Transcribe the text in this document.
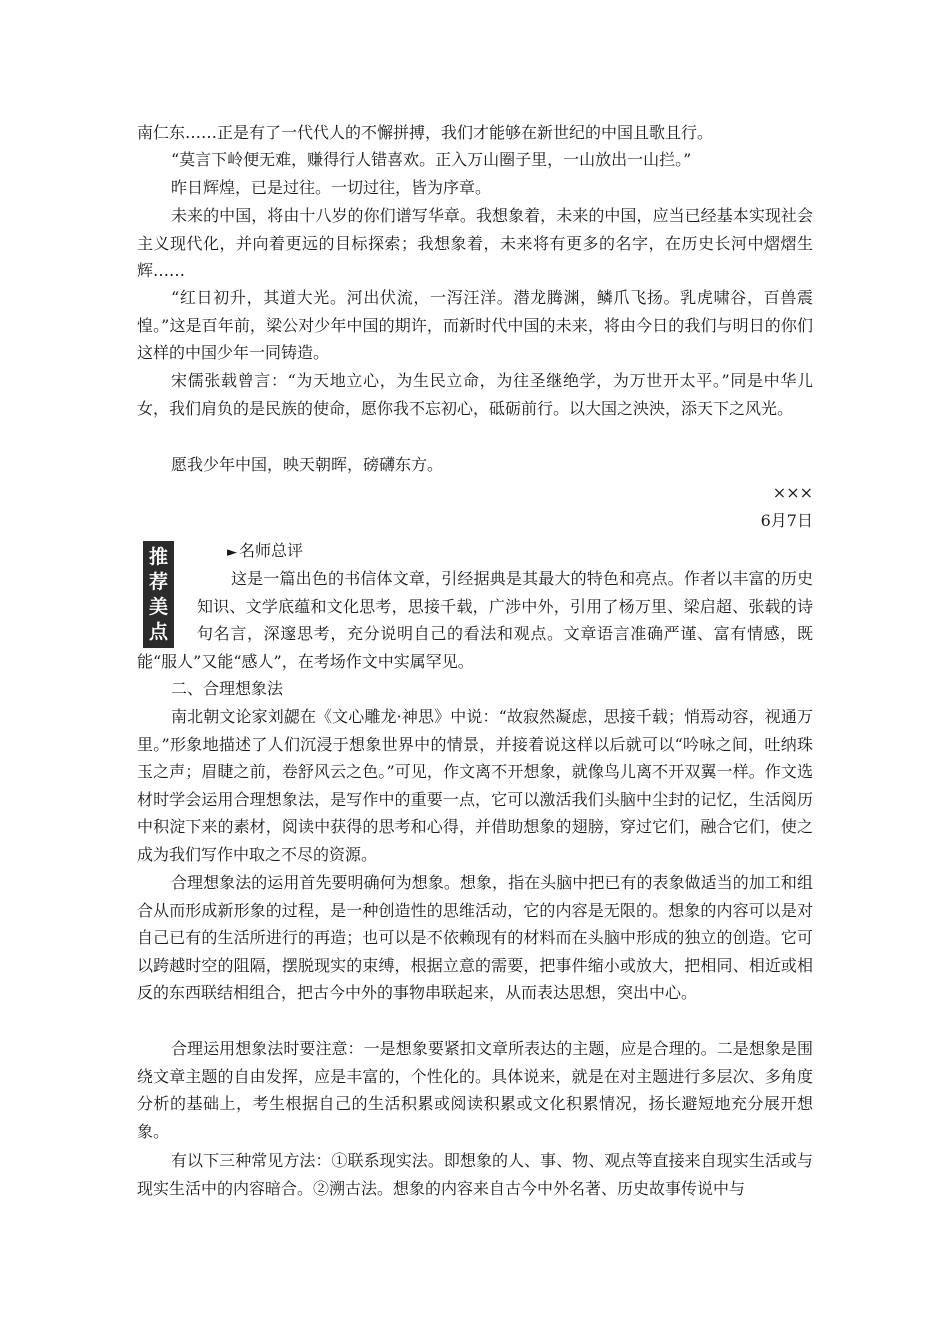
南仁东……正是有了一代代人的不懈拼搏，我们才能够在新世纪的中国且歌且行。

“莫言下岭便无难，赚得行人错喜欢。正入万山圈子里，一山放出一山拦。”

昨日辉煌，已是过往。一切过往，皆为序章。

未来的中国，将由十八岁的你们谱写华章。我想象着，未来的中国，应当已经基本实现社会主义现代化，并向着更远的目标探索；我想象着，未来将有更多的名字，在历史长河中熠熠生辉……

“红日初升，其道大光。河出伏流，一泻汪洋。潜龙腾渊，鳞爪飞扬。乳虎啸谷，百兽震惶。”这是百年前，梁公对少年中国的期许，而新时代中国的未来，将由今日的我们与明日的你们这样的中国少年一同铸造。

宋儒张载曾言：“为天地立心，为生民立命，为往圣继绝学，为万世开太平。”同是中华儿女，我们肩负的是民族的使命，愿你我不忘初心，砥砺前行。以大国之泱泱，添天下之风光。

愿我少年中国，映天朝晖，磅礴东方。

×××

6月7日

推
荐
美
点

► 名师总评

这是一篇出色的书信体文章，引经据典是其最大的特色和亮点。作者以丰富的历史知识、文学底蕴和文化思考，思接千载，广涉中外，引用了杨万里、梁启超、张载的诗句名言，深邃思考，充分说明自己的看法和观点。文章语言准确严谨、富有情感，既能“服人”又能“感人”，在考场作文中实属罕见。

二、合理想象法

南北朝文论家刘勰在《文心雕龙·神思》中说：“故寂然凝虑，思接千载；悄焉动容，视通万里。”形象地描述了人们沉浸于想象世界中的情景，并接着说这样以后就可以“吟咏之间，吐纳珠玉之声；眉睫之前，卷舒风云之色。”可见，作文离不开想象，就像鸟儿离不开双翼一样。作文选材时学会运用合理想象法，是写作中的重要一点，它可以激活我们头脑中尘封的记忆，生活阅历中积淀下来的素材，阅读中获得的思考和心得，并借助想象的翅膀，穿过它们，融合它们，使之成为我们写作中取之不尽的资源。

合理想象法的运用首先要明确何为想象。想象，指在头脑中把已有的表象做适当的加工和组合从而形成新形象的过程，是一种创造性的思维活动，它的内容是无限的。想象的内容可以是对自己已有的生活所进行的再造；也可以是不依赖现有的材料而在头脑中形成的独立的创造。它可以跨越时空的阻隔，摆脱现实的束缚，根据立意的需要，把事件缩小或放大，把相同、相近或相反的东西联结相组合，把古今中外的事物串联起来，从而表达思想，突出中心。

合理运用想象法时要注意：一是想象要紧扣文章所表达的主题，应是合理的。二是想象是围绕文章主题的自由发挥，应是丰富的，个性化的。具体说来，就是在对主题进行多层次、多角度分析的基础上，考生根据自己的生活积累或阅读积累或文化积累情况，扬长避短地充分展开想象。

有以下三种常见方法：①联系现实法。即想象的人、事、物、观点等直接来自现实生活或与现实生活中的内容暗合。②溯古法。想象的内容来自古今中外名著、历史故事传说中与
